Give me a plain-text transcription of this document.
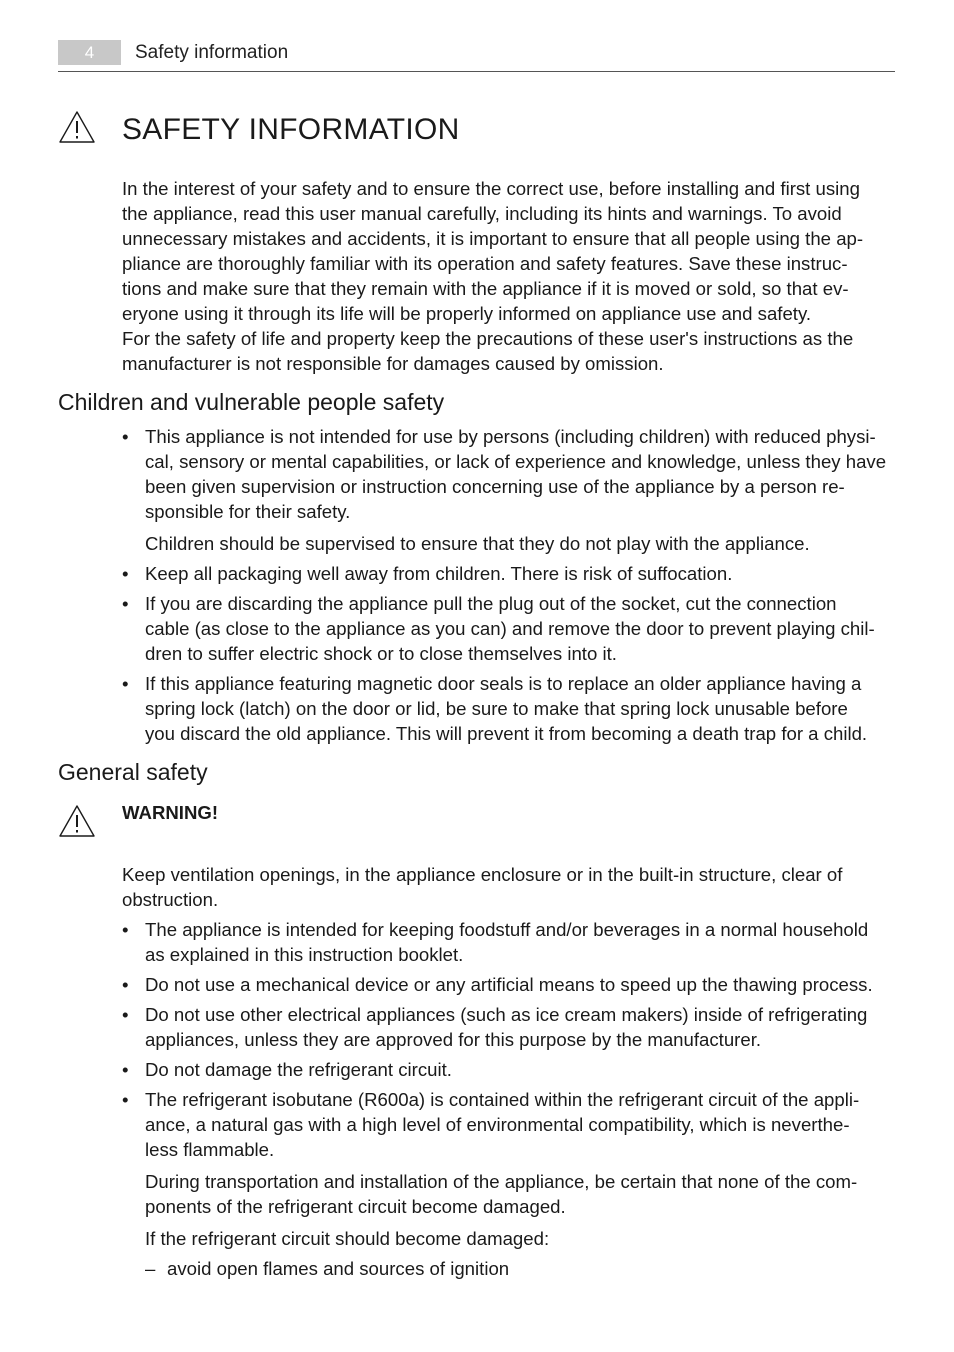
4	Safety information
SAFETY INFORMATION

In the interest of your safety and to ensure the correct use, before installing and first using

the appliance, read this user manual carefully, including its hints and warnings. To avoid

unnecessary mistakes and accidents, it is important to ensure that all people using the ap-

pliance are thoroughly familiar with its operation and safety features. Save these instruc-

tions and make sure that they remain with the appliance if it is moved or sold, so that ev-

eryone using it through its life will be properly informed on appliance use and safety.

For the safety of life and property keep the precautions of these user's instructions as the

manufacturer is not responsible for damages caused by omission.

Children and vulnerable people safety
• This appliance is not intended for use by persons (including children) with reduced physi-

cal, sensory or mental capabilities, or lack of experience and knowledge, unless they have

been given supervision or instruction concerning use of the appliance by a person re-

sponsible for their safety.

Children should be supervised to ensure that they do not play with the appliance.

• Keep all packaging well away from children. There is risk of suffocation.

• If you are discarding the appliance pull the plug out of the socket, cut the connection

cable (as close to the appliance as you can) and remove the door to prevent playing chil-

dren to suffer electric shock or to close themselves into it.

• If this appliance featuring magnetic door seals is to replace an older appliance having a

spring lock (latch) on the door or lid, be sure to make that spring lock unusable before

you discard the old appliance. This will prevent it from becoming a death trap for a child.

General safety
WARNING!

Keep ventilation openings, in the appliance enclosure or in the built-in structure, clear of

obstruction.

• The appliance is intended for keeping foodstuff and/or beverages in a normal household

as explained in this instruction booklet.

• Do not use a mechanical device or any artificial means to speed up the thawing process.

• Do not use other electrical appliances (such as ice cream makers) inside of refrigerating

appliances, unless they are approved for this purpose by the manufacturer.

• Do not damage the refrigerant circuit.

• The refrigerant isobutane (R600a) is contained within the refrigerant circuit of the appli-

ance, a natural gas with a high level of environmental compatibility, which is neverthe-

less flammable.

During transportation and installation of the appliance, be certain that none of the com-

ponents of the refrigerant circuit become damaged.

If the refrigerant circuit should become damaged:

– avoid open flames and sources of ignition
